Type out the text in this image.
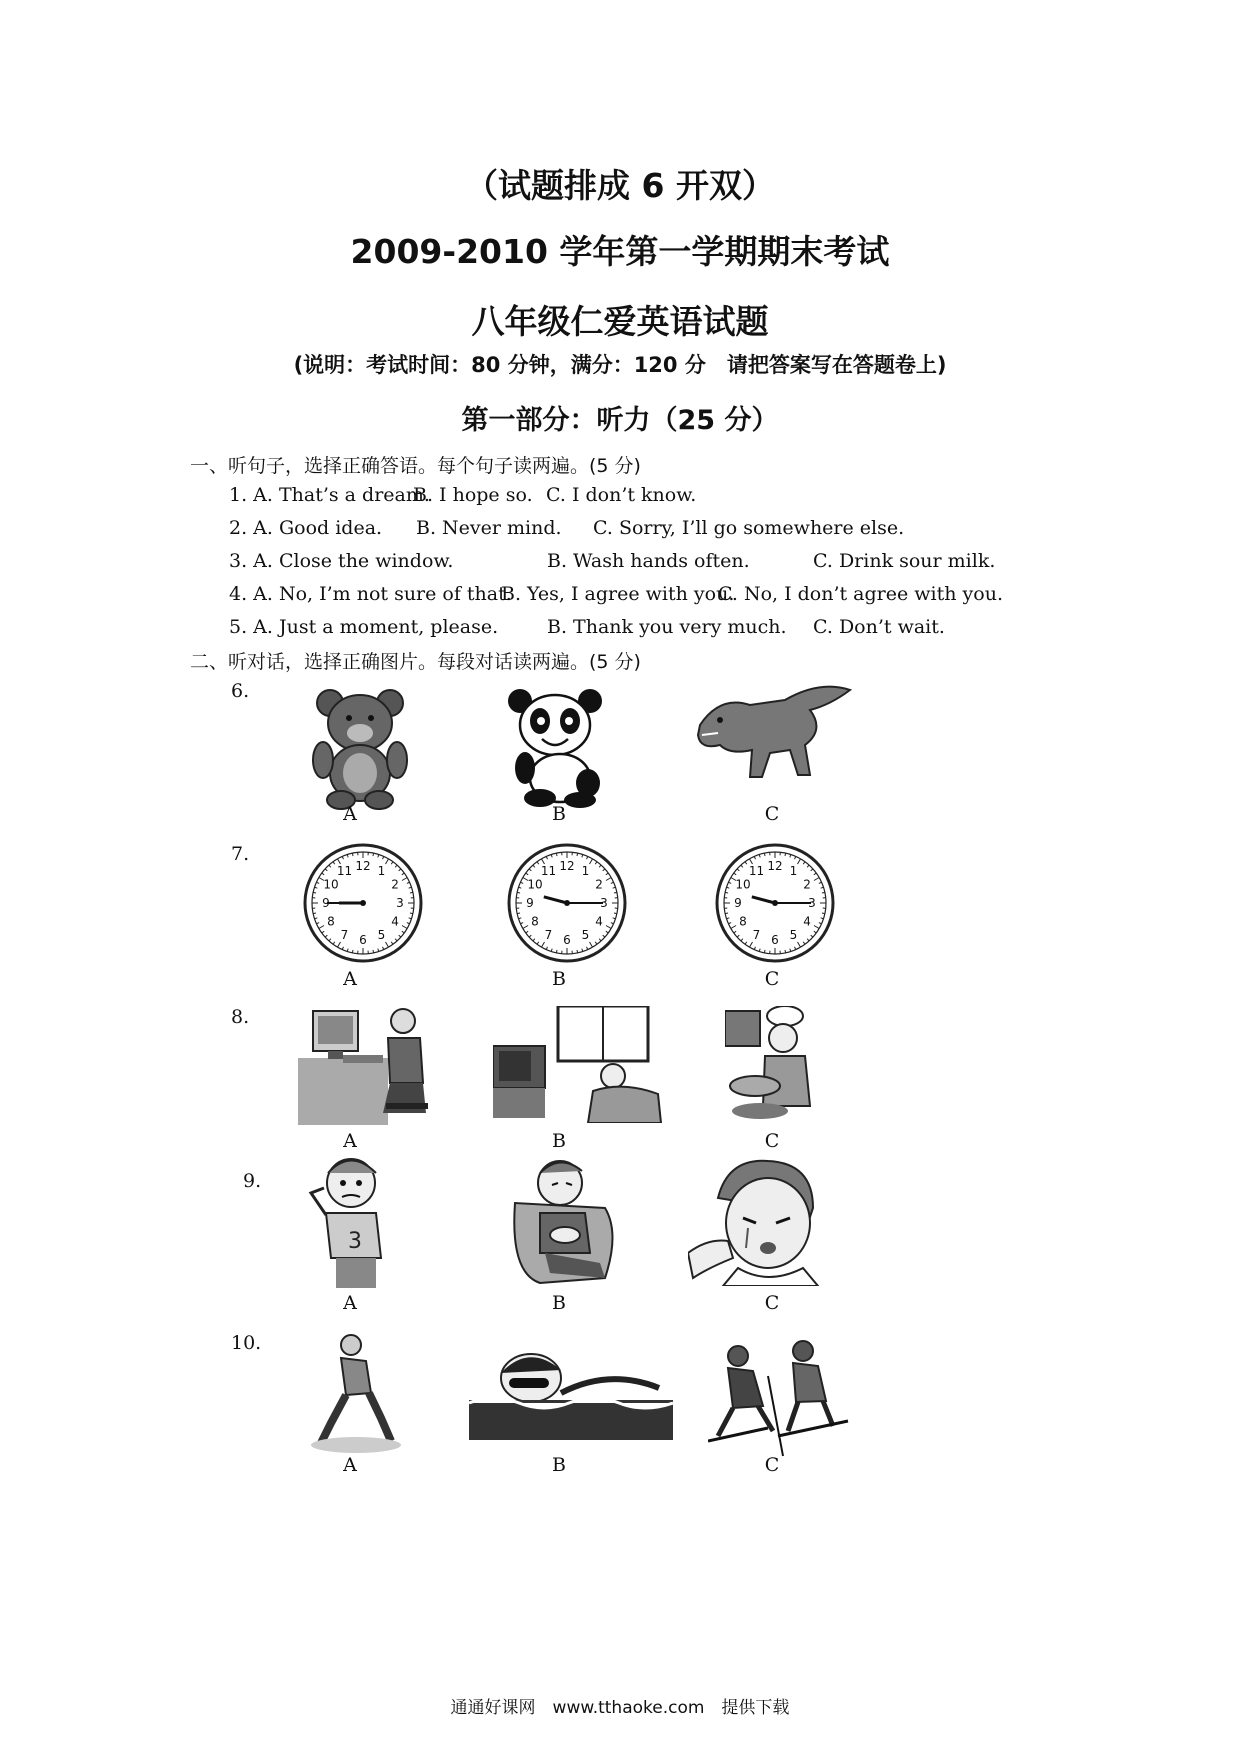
（试题排成 6 开双）
2009-2010 学年第一学期期末考试
八年级仁爱英语试题
(说明：考试时间：80 分钟，满分：120 分　请把答案写在答题卷上)
第一部分：听力（25 分）
一、听句子，选择正确答语。每个句子读两遍。(5 分)
1. A. That’s a dream.
B. I hope so. C. I don’t know.
2. A. Good idea. B. Never mind. C. Sorry, I’ll go somewhere else.
3. A. Close the window.	B. Wash hands often.	C. Drink sour milk.
4. A. No, I’m not sure of that.
B. Yes, I agree with you.
C. No, I don’t agree with you.
5. A. Just a moment, please.	B. Thank you very much. C. Don’t wait.
二、听对话，选择正确图片。每段对话读两遍。(5 分)
6.
A	B	C
7.
12 1
2
3
4
5
6
7
8
9
10
11	12 1
2
3
4
5
6
7
8
9
10
11	12 1
2
3
4
5
6
7
8
9
10
11
A	B	C
8.
A	B	C
9.
3
A	B	C
10.
A	B	C
通通好课网　www.tthaoke.com　提供下载
